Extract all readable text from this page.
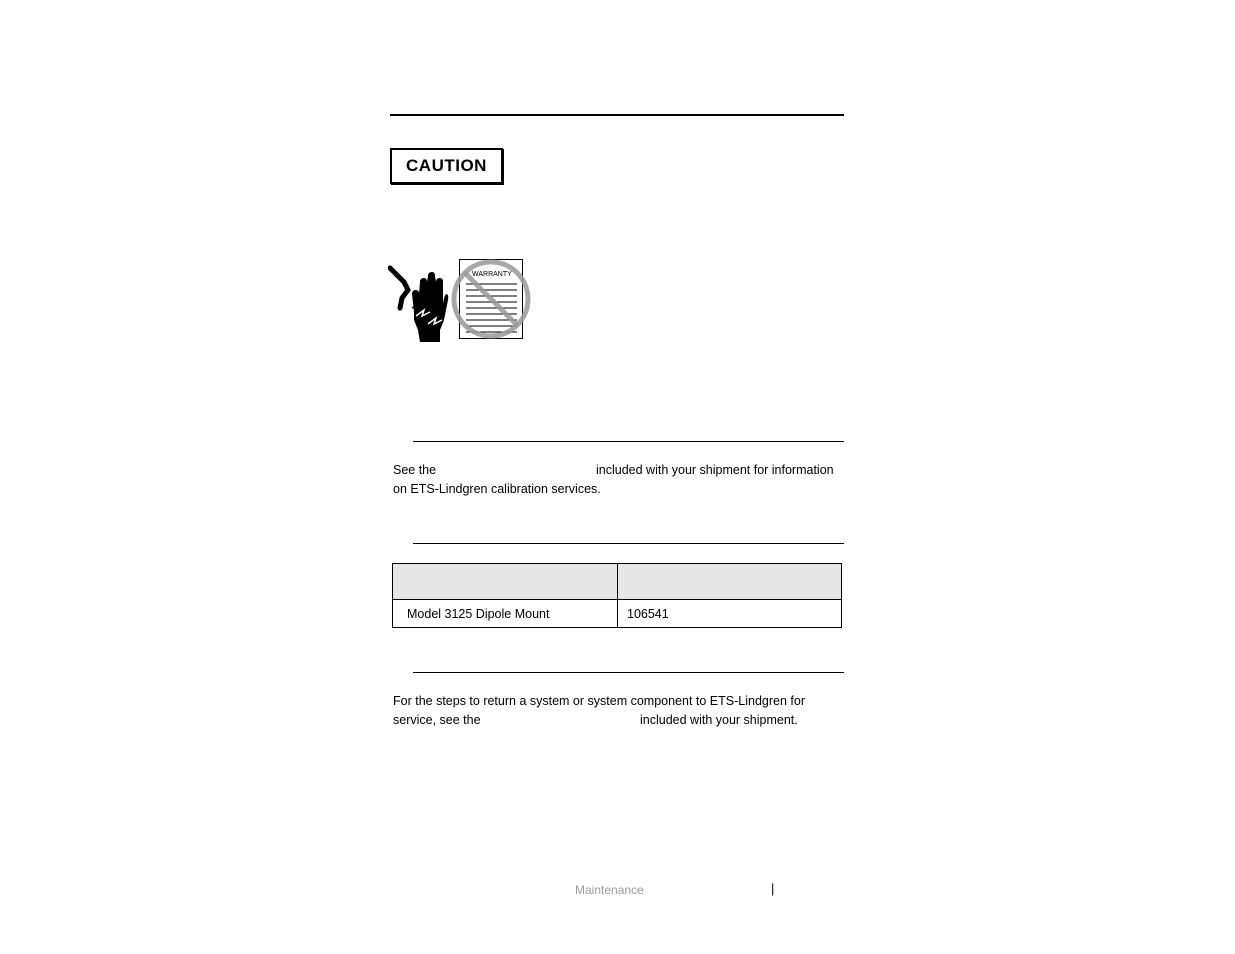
CAUTION
WARRANTY
See the	included with your shipment for information
on ETS-Lindgren calibration services.

Model 3125 Dipole Mount	106541
For the steps to return a system or system component to ETS-Lindgren for
service, see the	included with your shipment.
Maintenance	|
